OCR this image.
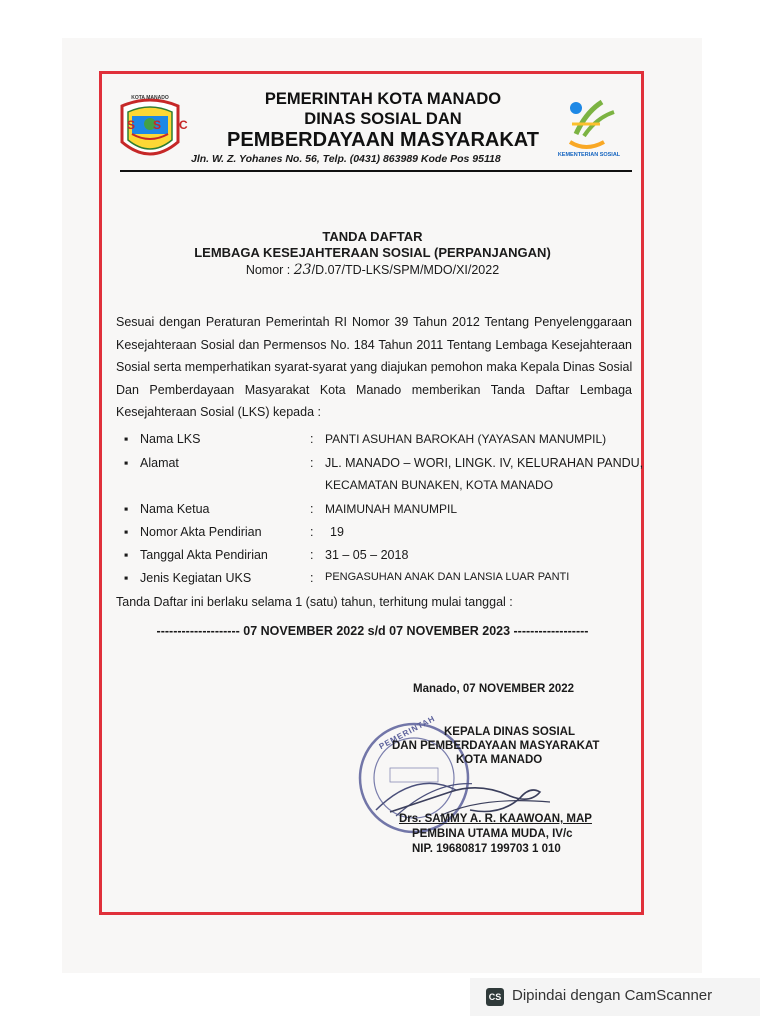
SSC
KOTA MANADO	PEMERINTAH KOTA MANADO
DINAS SOSIAL DAN
PEMBERDAYAAN MASYARAKAT
Jln. W. Z. Yohanes No. 56, Telp. (0431) 863989 Kode Pos 95118	KEMENTERIAN SOSIAL
TANDA DAFTAR
LEMBAGA KESEJAHTERAAN SOSIAL (PERPANJANGAN)
Nomor : 23/D.07/TD-LKS/SPM/MDO/XI/2022
Sesuai dengan Peraturan Pemerintah RI Nomor 39 Tahun 2012 Tentang Penyelenggaraan
Kesejahteraan Sosial dan Permensos No. 184 Tahun 2011 Tentang Lembaga Kesejahteraan
Sosial serta memperhatikan syarat-syarat yang diajukan pemohon maka Kepala Dinas Sosial
Dan Pemberdayaan Masyarakat Kota Manado memberikan Tanda Daftar Lembaga
Kesejahteraan Sosial (LKS) kepada :
▪ Nama LKS	: PANTI ASUHAN BAROKAH (YAYASAN MANUMPIL)
▪ Alamat	: JL. MANADO – WORI, LINGK. IV, KELURAHAN PANDU,
KECAMATAN BUNAKEN, KOTA MANADO
▪ Nama Ketua	: MAIMUNAH MANUMPIL
▪ Nomor Akta Pendirian	: 19
▪ Tanggal Akta Pendirian	: 31 – 05 – 2018
▪ Jenis Kegiatan UKS	: PENGASUHAN ANAK DAN LANSIA LUAR PANTI
Tanda Daftar ini berlaku selama 1 (satu) tahun, terhitung mulai tanggal :
-------------------- 07 NOVEMBER 2022 s/d 07 NOVEMBER 2023 ------------------
Manado, 07 NOVEMBER 2022
PEMERINTAH KEPALA DINAS SOSIAL
DAN PEMBERDAYAAN MASYARAKAT
KOTA MANADO
Drs. SAMMY A. R. KAAWOAN, MAP
PEMBINA UTAMA MUDA, IV/c
NIP. 19680817 199703 1 010
CS Dipindai dengan CamScanner
